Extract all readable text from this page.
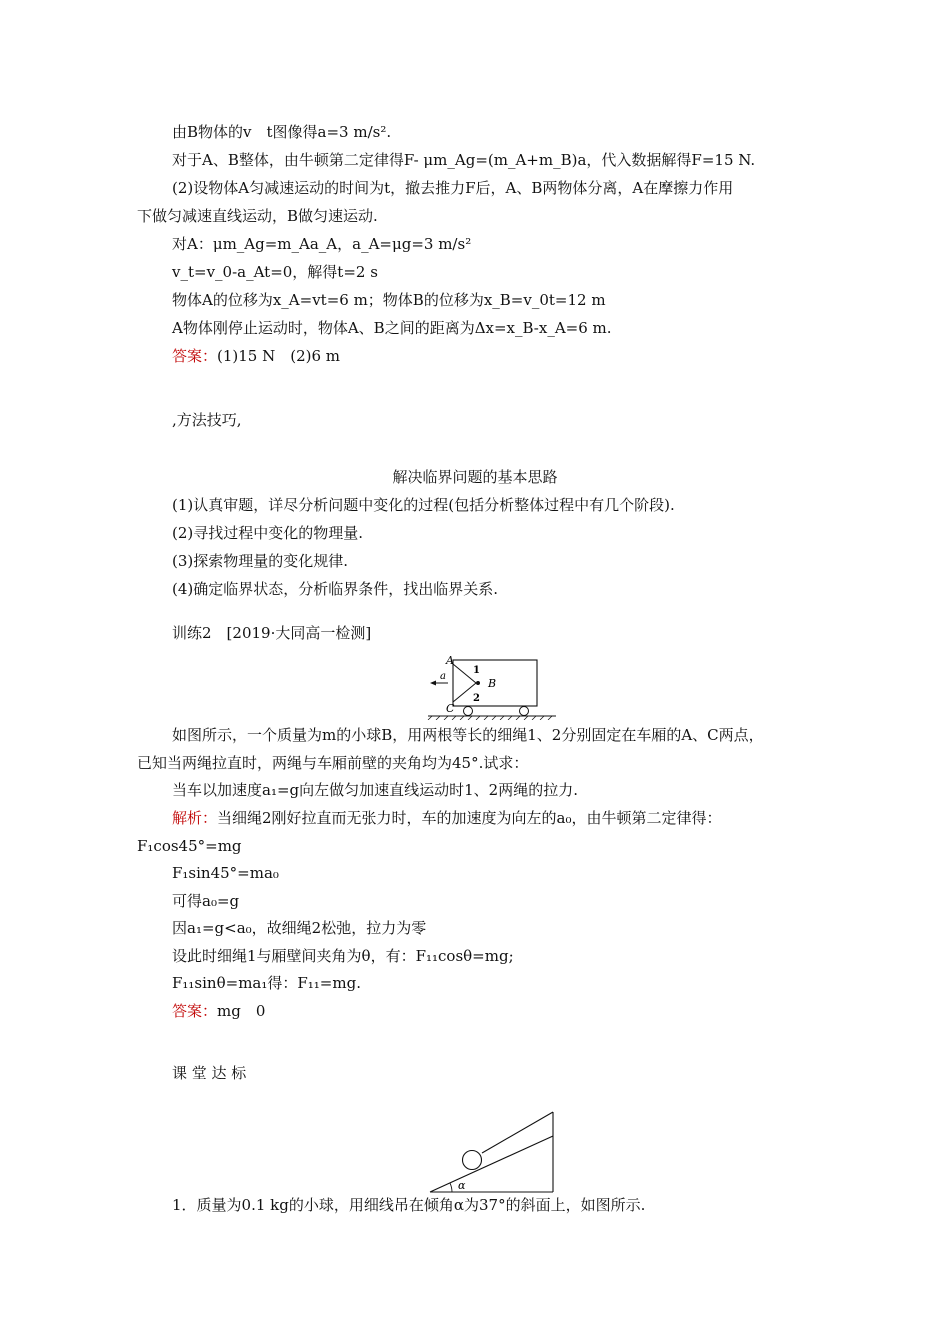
由B物体的v　t图像得a=3 m/s².
对于A、B整体，由牛顿第二定律得F- μm_Ag=(m_A+m_B)a，代入数据解得F=15 N.
(2)设物体A匀减速运动的时间为t，撤去推力F后，A、B两物体分离，A在摩擦力作用
下做匀减速直线运动，B做匀速运动.
对A：μm_Ag=m_Aa_A，a_A=μg=3 m/s²
v_t=v_0-a_At=0，解得t=2 s
物体A的位移为x_A=vt=6 m；物体B的位移为x_B=v_0t=12 m
A物体刚停止运动时，物体A、B之间的距离为Δx=x_B-x_A=6 m.
答案：(1)15 N　(2)6 m
,方法技巧,
解决临界问题的基本思路
(1)认真审题，详尽分析问题中变化的过程(包括分析整体过程中有几个阶段).
(2)寻找过程中变化的物理量.
(3)探索物理量的变化规律.
(4)确定临界状态，分析临界条件，找出临界关系.
训练2　[2019·大同高一检测]
A
C
B
1
2
a
如图所示，一个质量为m的小球B，用两根等长的细绳1、2分别固定在车厢的A、C两点，
已知当两绳拉直时，两绳与车厢前壁的夹角均为45°.试求：
当车以加速度a₁=g向左做匀加速直线运动时1、2两绳的拉力.
解析：当细绳2刚好拉直而无张力时，车的加速度为向左的a₀，由牛顿第二定律得：
F₁cos45°=mg
F₁sin45°=ma₀
可得a₀=g
因a₁=g<a₀，故细绳2松弛，拉力为零
设此时细绳1与厢壁间夹角为θ，有：F₁₁cosθ=mg;
F₁₁sinθ=ma₁得：F₁₁=mg.
答案：mg　0
课 堂 达 标
α
1．质量为0.1 kg的小球，用细线吊在倾角α为37°的斜面上，如图所示.
